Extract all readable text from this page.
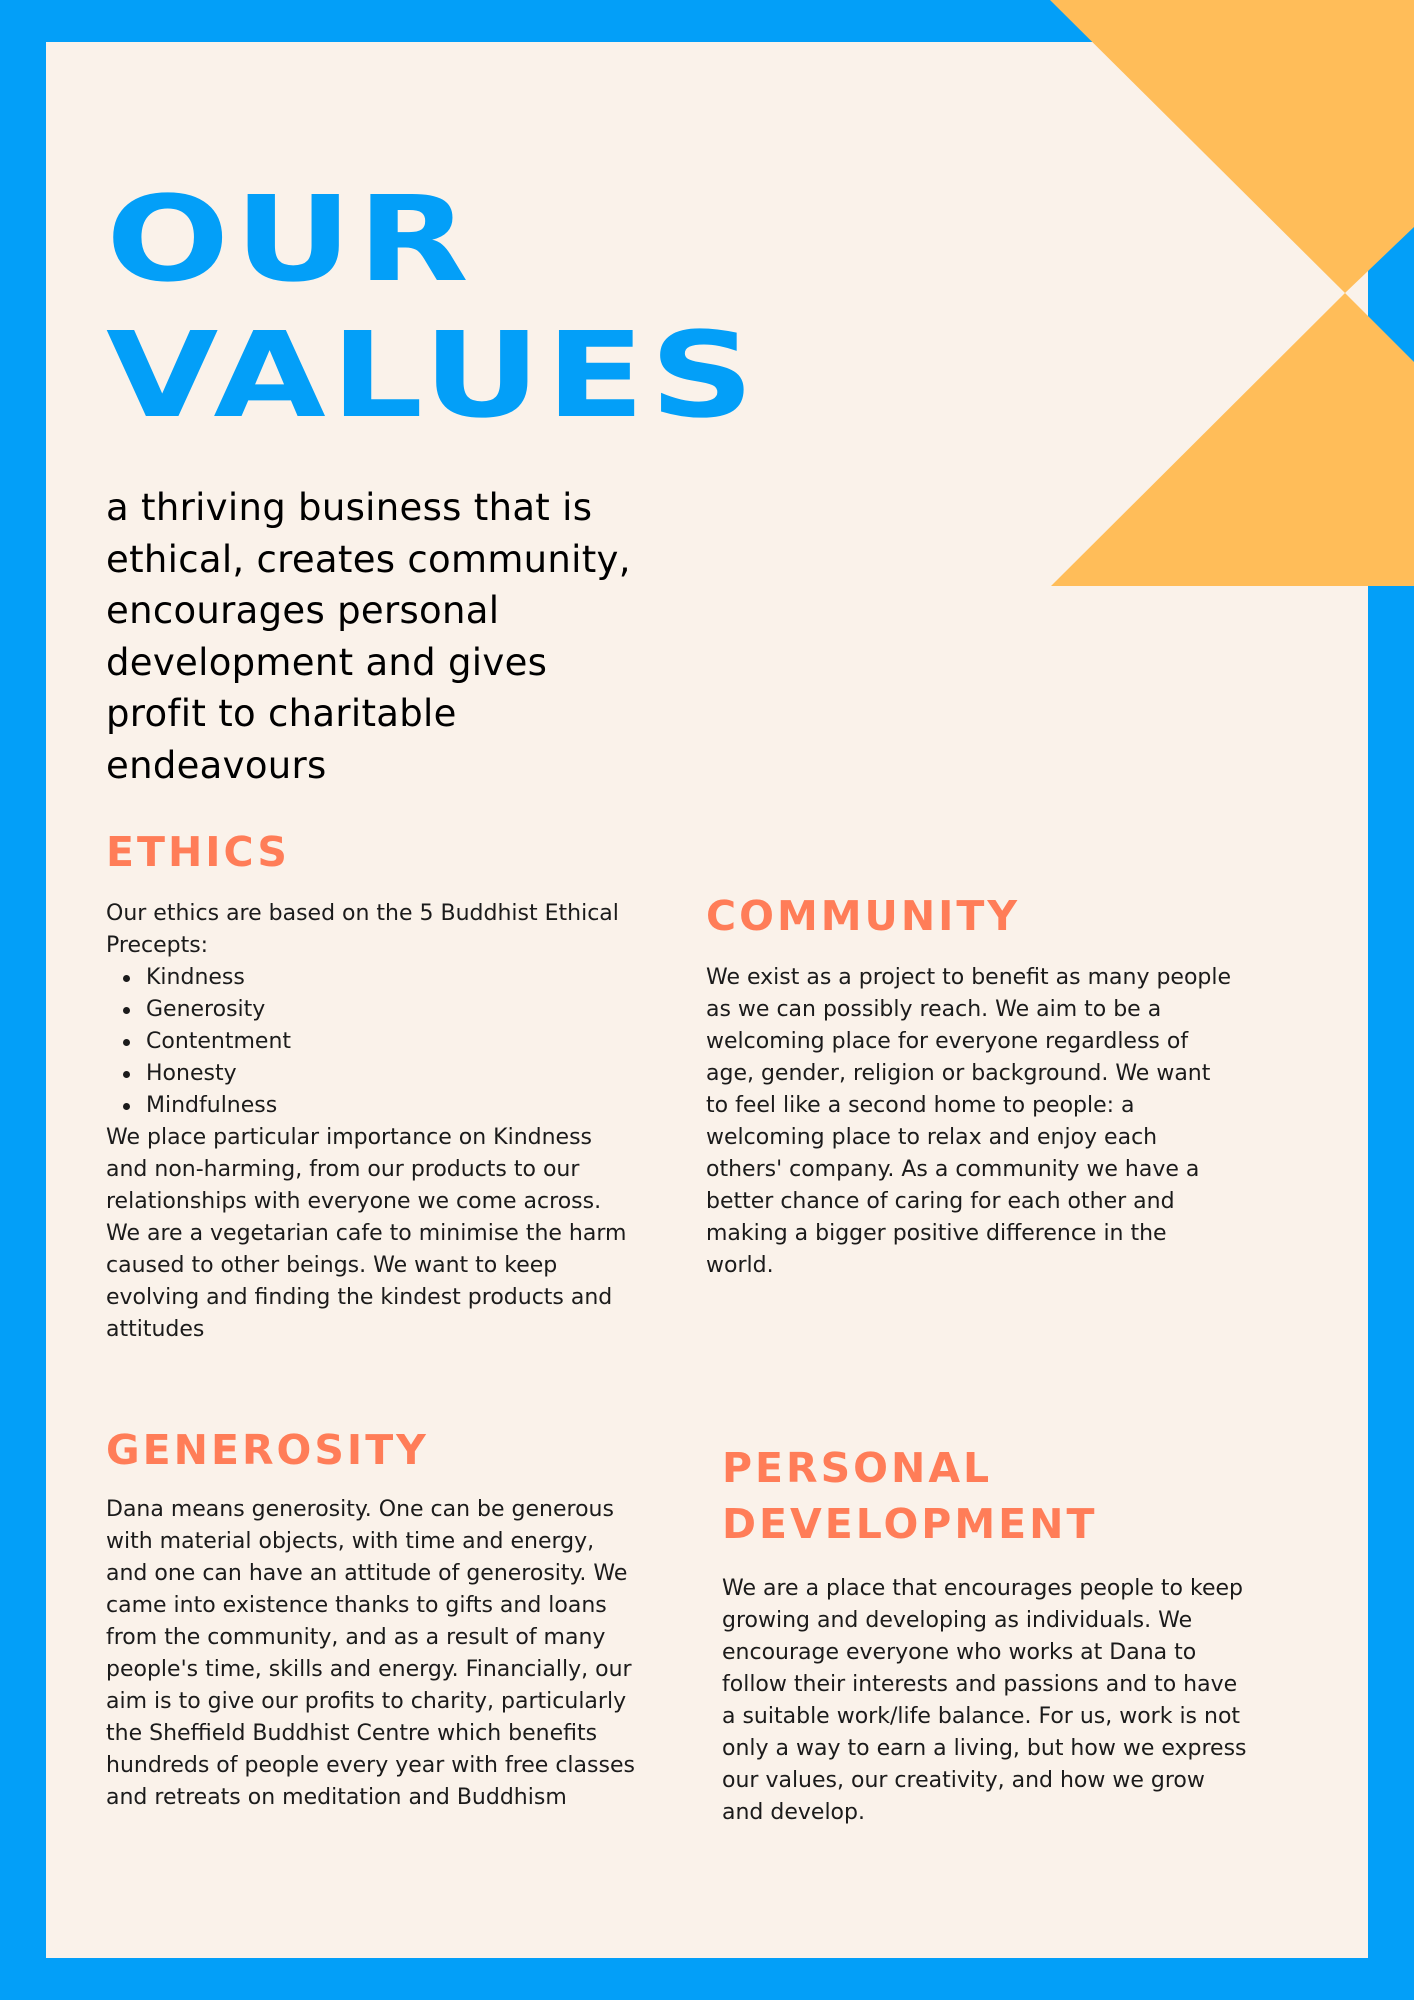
OUR
VALUES

a thriving business that is
ethical, creates community,
encourages personal
development and gives
profit to charitable
endeavours

ETHICS

Our ethics are based on the 5 Buddhist Ethical Precepts:

Kindness
Generosity
Contentment
Honesty
Mindfulness

We place particular importance on Kindness and non-harming, from our products to our relationships with everyone we come across. We are a vegetarian cafe to minimise the harm caused to other beings. We want to keep evolving and finding the kindest products and attitudes

COMMUNITY

We exist as a project to benefit as many people as we can possibly reach. We aim to be a welcoming place for everyone regardless of age, gender, religion or background. We want to feel like a second home to people: a welcoming place to relax and enjoy each others' company. As a community we have a better chance of caring for each other and making a bigger positive difference in the world.

GENEROSITY

Dana means generosity. One can be generous with material objects, with time and energy, and one can have an attitude of generosity. We came into existence thanks to gifts and loans from the community, and as a result of many people's time, skills and energy. Financially, our aim is to give our profits to charity, particularly the Sheffield Buddhist Centre which benefits hundreds of people every year with free classes and retreats on meditation and Buddhism

PERSONAL
DEVELOPMENT

We are a place that encourages people to keep growing and developing as individuals. We encourage everyone who works at Dana to follow their interests and passions and to have a suitable work/life balance. For us, work is not only a way to earn a living, but how we express our values, our creativity, and how we grow and develop.
